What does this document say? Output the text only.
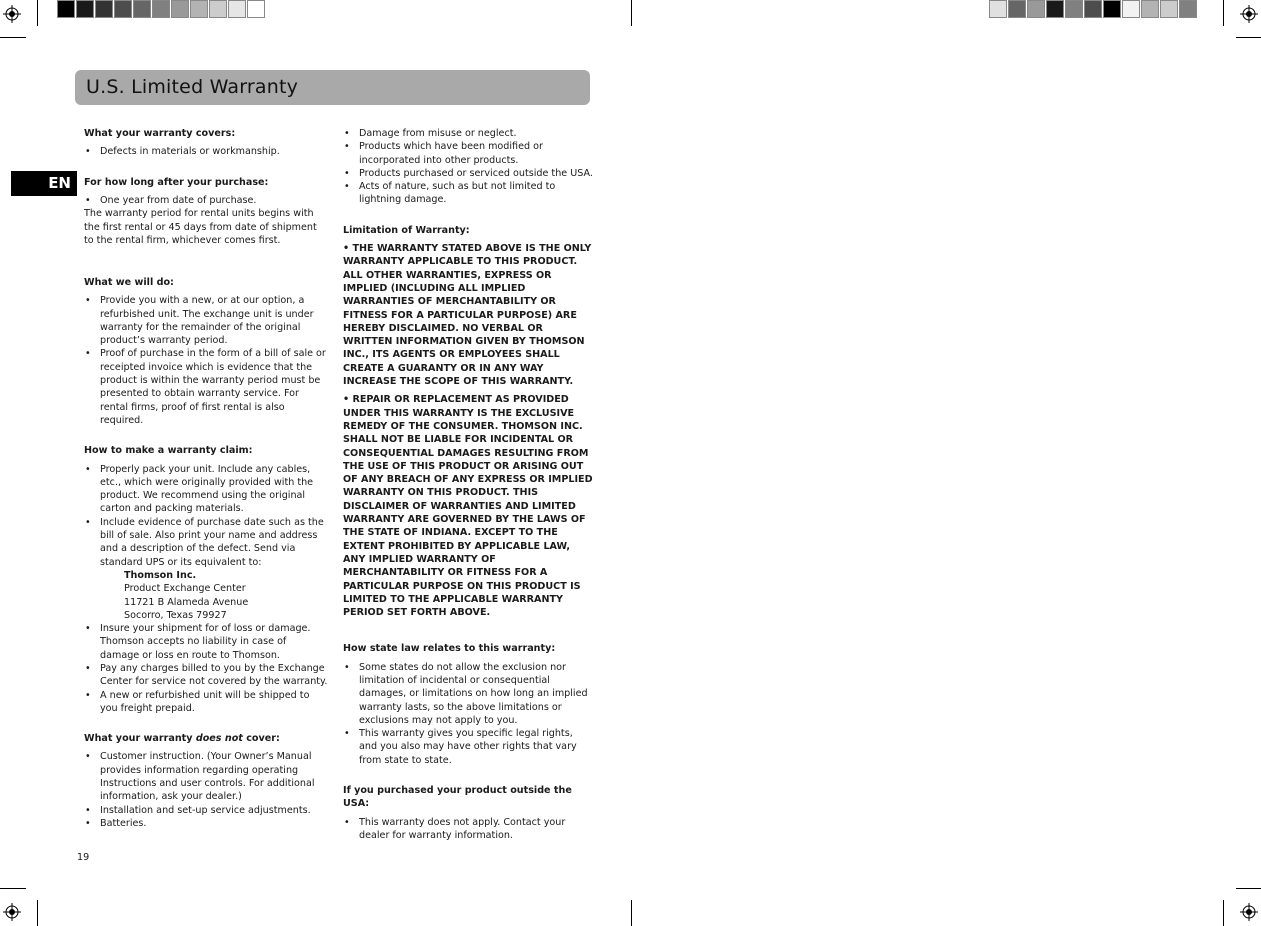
U.S. Limited Warranty
EN
What your warranty covers:
• Defects in materials or workmanship.
For how long after your purchase:
• One year from date of purchase.

The warranty period for rental units begins with the first rental or 45 days from date of shipment to the rental firm, whichever comes first.

What we will do:
• Provide you with a new, or at our option, a refurbished unit. The exchange unit is under warranty for the remainder of the original product’s warranty period.
• Proof of purchase in the form of a bill of sale or receipted invoice which is evidence that the product is within the warranty period must be presented to obtain warranty service. For rental firms, proof of first rental is also required.
How to make a warranty claim:
• Properly pack your unit. Include any cables, etc., which were originally provided with the product. We recommend using the original carton and packing materials.
• Include evidence of purchase date such as the bill of sale. Also print your name and address and a description of the defect. Send via standard UPS or its equivalent to:
Thomson Inc.
Product Exchange Center
11721 B Alameda Avenue
Socorro, Texas 79927
• Insure your shipment for of loss or damage. Thomson accepts no liability in case of damage or loss en route to Thomson.
• Pay any charges billed to you by the Exchange Center for service not covered by the warranty.
• A new or refurbished unit will be shipped to you freight prepaid.
What your warranty does not cover:
• Customer instruction. (Your Owner’s Manual provides information regarding operating Instructions and user controls. For additional information, ask your dealer.)
• Installation and set-up service adjustments.
• Batteries.
• Damage from misuse or neglect.
• Products which have been modified or incorporated into other products.
• Products purchased or serviced outside the USA.
• Acts of nature, such as but not limited to lightning damage.
Limitation of Warranty:

• THE WARRANTY STATED ABOVE IS THE ONLY WARRANTY APPLICABLE TO THIS PRODUCT. ALL OTHER WARRANTIES, EXPRESS OR IMPLIED (INCLUDING ALL IMPLIED WARRANTIES OF MERCHANTABILITY OR FITNESS FOR A PARTICULAR PURPOSE) ARE HEREBY DISCLAIMED. NO VERBAL OR WRITTEN INFORMATION GIVEN BY THOMSON INC., ITS AGENTS OR EMPLOYEES SHALL CREATE A GUARANTY OR IN ANY WAY INCREASE THE SCOPE OF THIS WARRANTY.

• REPAIR OR REPLACEMENT AS PROVIDED UNDER THIS WARRANTY IS THE EXCLUSIVE REMEDY OF THE CONSUMER. THOMSON INC. SHALL NOT BE LIABLE FOR INCIDENTAL OR CONSEQUENTIAL DAMAGES RESULTING FROM THE USE OF THIS PRODUCT OR ARISING OUT OF ANY BREACH OF ANY EXPRESS OR IMPLIED WARRANTY ON THIS PRODUCT. THIS DISCLAIMER OF WARRANTIES AND LIMITED WARRANTY ARE GOVERNED BY THE LAWS OF THE STATE OF INDIANA. EXCEPT TO THE EXTENT PROHIBITED BY APPLICABLE LAW, ANY IMPLIED WARRANTY OF MERCHANTABILITY OR FITNESS FOR A PARTICULAR PURPOSE ON THIS PRODUCT IS LIMITED TO THE APPLICABLE WARRANTY PERIOD SET FORTH ABOVE.

How state law relates to this warranty:
• Some states do not allow the exclusion nor limitation of incidental or consequential damages, or limitations on how long an implied warranty lasts, so the above limitations or exclusions may not apply to you.
• This warranty gives you specific legal rights, and you also may have other rights that vary from state to state.
If you purchased your product outside the USA:
• This warranty does not apply. Contact your dealer for warranty information.
19
